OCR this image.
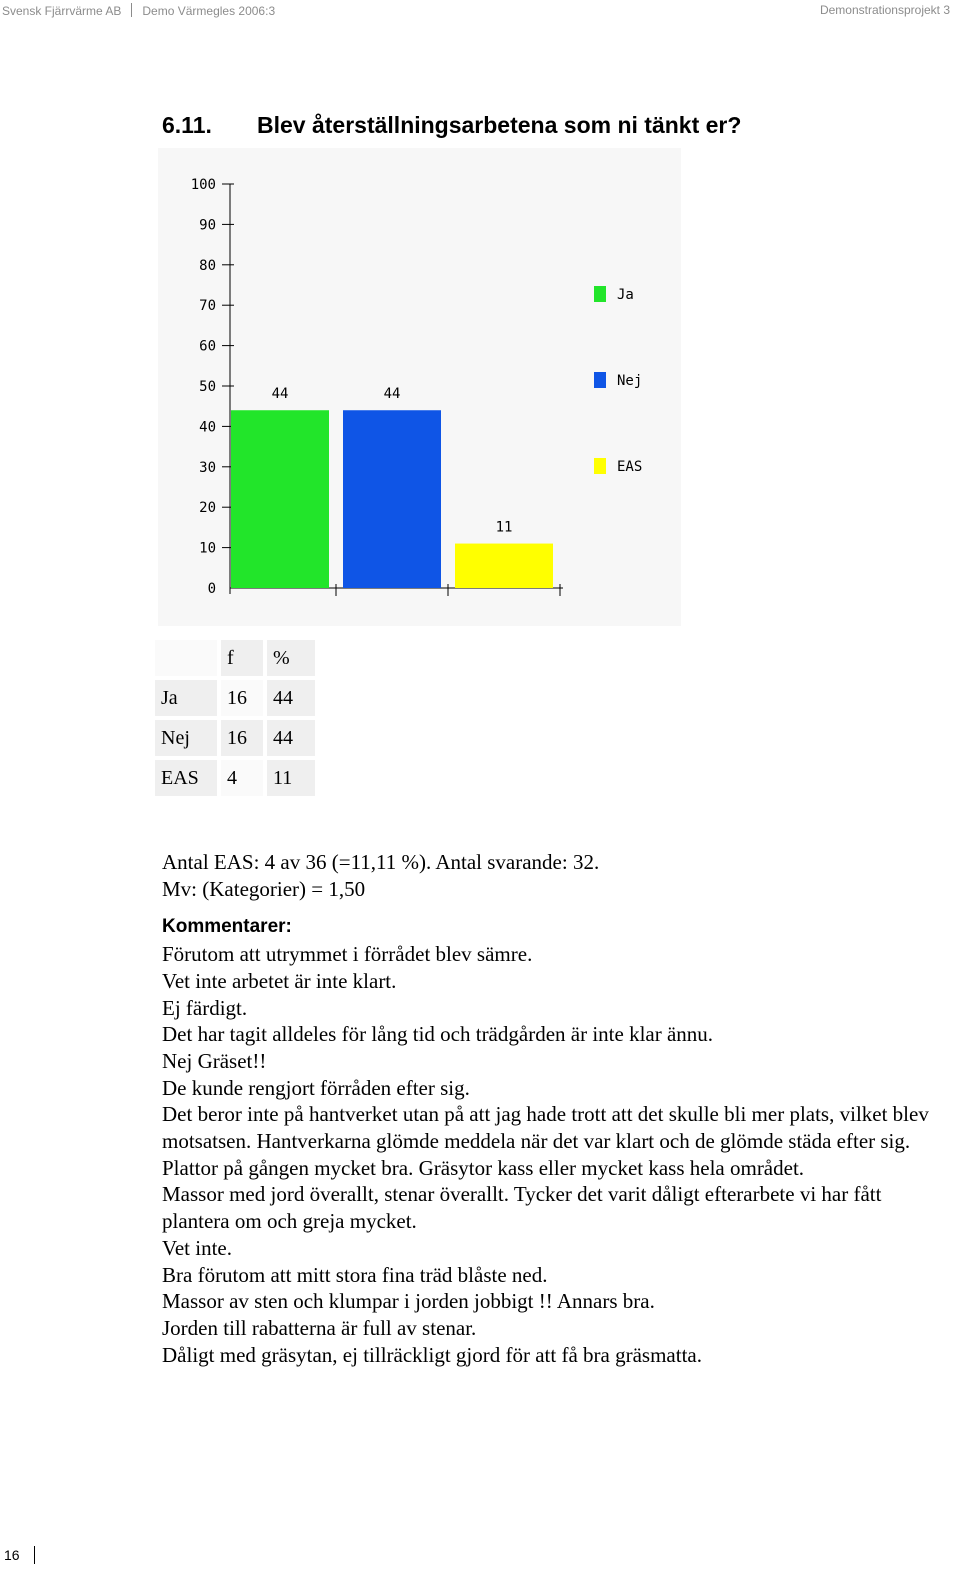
Svensk Fjärrvärme AB Demo Värmegles 2006:3	Demonstrationsprojekt 3
6.11. Blev återställningsarbetena som ni tänkt er?
0
10
20
30
40
50
60
70
80
90
100
44	44
11
Ja
Nej
EAS
	f	%
Ja	16	44
Nej	16	44
EAS	4	11

Antal EAS: 4 av 36 (=11,11 %). Antal svarande: 32.

Mv: (Kategorier) = 1,50

Kommentarer:

Förutom att utrymmet i förrådet blev sämre.

Vet inte arbetet är inte klart.

Ej färdigt.

Det har tagit alldeles för lång tid och trädgården är inte klar ännu.

Nej Gräset!!

De kunde rengjort förråden efter sig.

Det beror inte på hantverket utan på att jag hade trott att det skulle bli mer plats, vilket blev motsatsen. Hantverkarna glömde meddela när det var klart och de glömde städa efter sig.

Plattor på gången mycket bra. Gräsytor kass eller mycket kass hela området.

Massor med jord överallt, stenar överallt. Tycker det varit dåligt efterarbete vi har fått plantera om och greja mycket.

Vet inte.

Bra förutom att mitt stora fina träd blåste ned.

Massor av sten och klumpar i jorden jobbigt !! Annars bra.

Jorden till rabatterna är full av stenar.

Dåligt med gräsytan, ej tillräckligt gjord för att få bra gräsmatta.

16
